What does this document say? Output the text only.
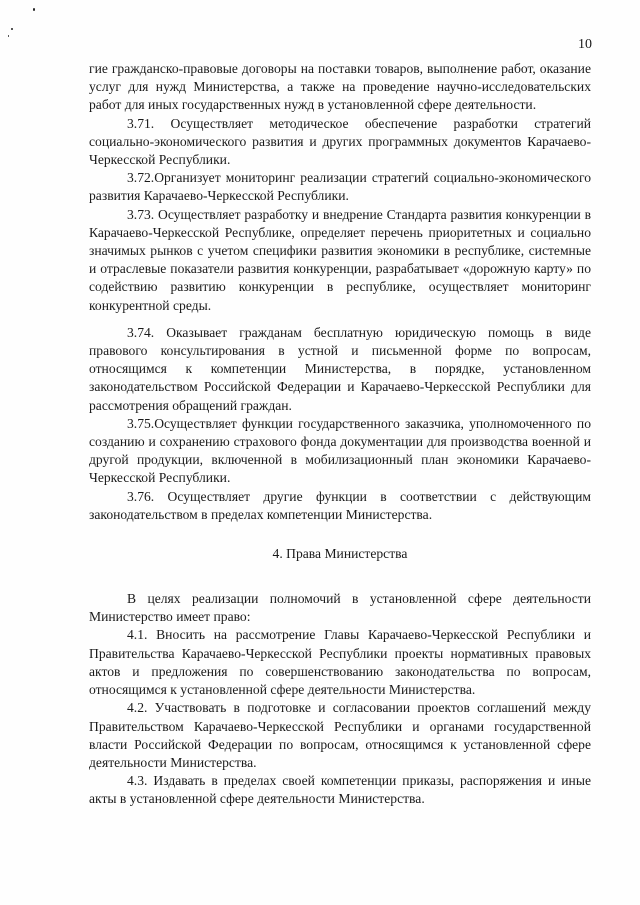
10

гие гражданско-правовые договоры на поставки товаров, выполнение работ, оказание услуг для нужд Министерства, а также на проведение научно-исследовательских работ для иных государственных нужд в установленной сфере деятельности.

3.71. Осуществляет методическое обеспечение разработки стратегий социально-экономического развития и других программных документов Карачаево-Черкесской Республики.

3.72.Организует мониторинг реализации стратегий социально-экономического развития Карачаево-Черкесской Республики.

3.73. Осуществляет разработку и внедрение Стандарта развития конкуренции в Карачаево-Черкесской Республике, определяет перечень приоритетных и социально значимых рынков с учетом специфики развития экономики в республике, системные и отраслевые показатели развития конкуренции, разрабатывает «дорожную карту» по содействию развитию конкуренции в республике, осуществляет мониторинг конкурентной среды.

3.74. Оказывает гражданам бесплатную юридическую помощь в виде правового консультирования в устной и письменной форме по вопросам, относящимся к компетенции Министерства, в порядке, установленном законодательством Российской Федерации и Карачаево-Черкесской Республики для рассмотрения обращений граждан.

3.75.Осуществляет функции государственного заказчика, уполномоченного по созданию и сохранению страхового фонда документации для производства военной и другой продукции, включенной в мобилизационный план экономики Карачаево-Черкесской Республики.

3.76. Осуществляет другие функции в соответствии с действующим законодательством в пределах компетенции Министерства.

4. Права Министерства

В целях реализации полномочий в установленной сфере деятельности Министерство имеет право:

4.1. Вносить на рассмотрение Главы Карачаево-Черкесской Республики и Правительства Карачаево-Черкесской Республики проекты нормативных правовых актов и предложения по совершенствованию законодательства по вопросам, относящимся к установленной сфере деятельности Министерства.

4.2. Участвовать в подготовке и согласовании проектов соглашений между Правительством Карачаево-Черкесской Республики и органами государственной власти Российской Федерации по вопросам, относящимся к установленной сфере деятельности Министерства.

4.3. Издавать в пределах своей компетенции приказы, распоряжения и иные акты в установленной сфере деятельности Министерства.
